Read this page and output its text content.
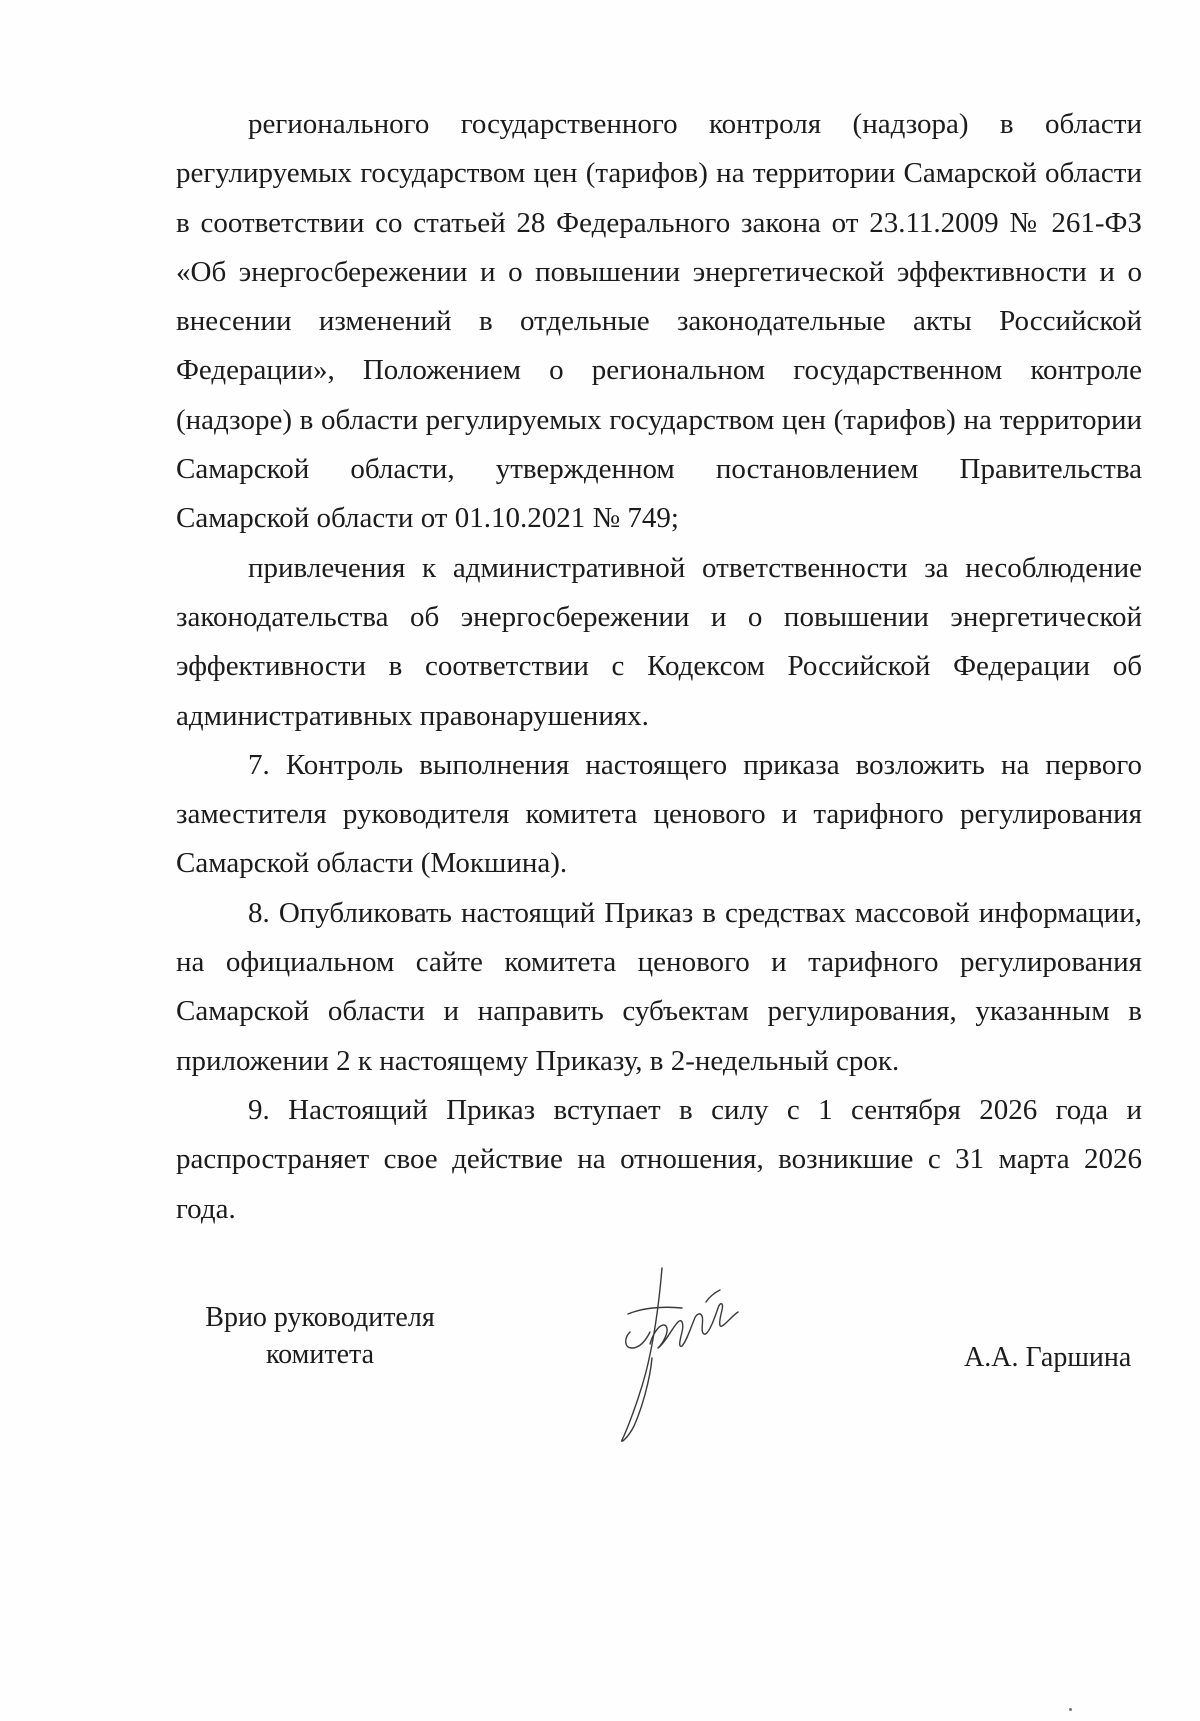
регионального государственного контроля (надзора) в области регулируемых государством цен (тарифов) на территории Самарской области в соответствии со статьей 28 Федерального закона от 23.11.2009 № 261-ФЗ «Об энергосбережении и о повышении энергетической эффективности и о внесении изменений в отдельные законодательные акты Российской Федерации», Положением о региональном государственном контроле (надзоре) в области регулируемых государством цен (тарифов) на территории Самарской области, утвержденном постановлением Правительства Самарской области от 01.10.2021 № 749;

привлечения к административной ответственности за несоблюдение законодательства об энергосбережении и о повышении энергетической эффективности в соответствии с Кодексом Российской Федерации об административных правонарушениях.

7. Контроль выполнения настоящего приказа возложить на первого заместителя руководителя комитета ценового и тарифного регулирования Самарской области (Мокшина).

8. Опубликовать настоящий Приказ в средствах массовой информации, на официальном сайте комитета ценового и тарифного регулирования Самарской области и направить субъектам регулирования, указанным в приложении 2 к настоящему Приказу, в 2-недельный срок.

9. Настоящий Приказ вступает в силу с 1 сентября 2026 года и распространяет свое действие на отношения, возникшие с 31 марта 2026 года.

Врио руководителя
комитета	А.А. Гаршина
